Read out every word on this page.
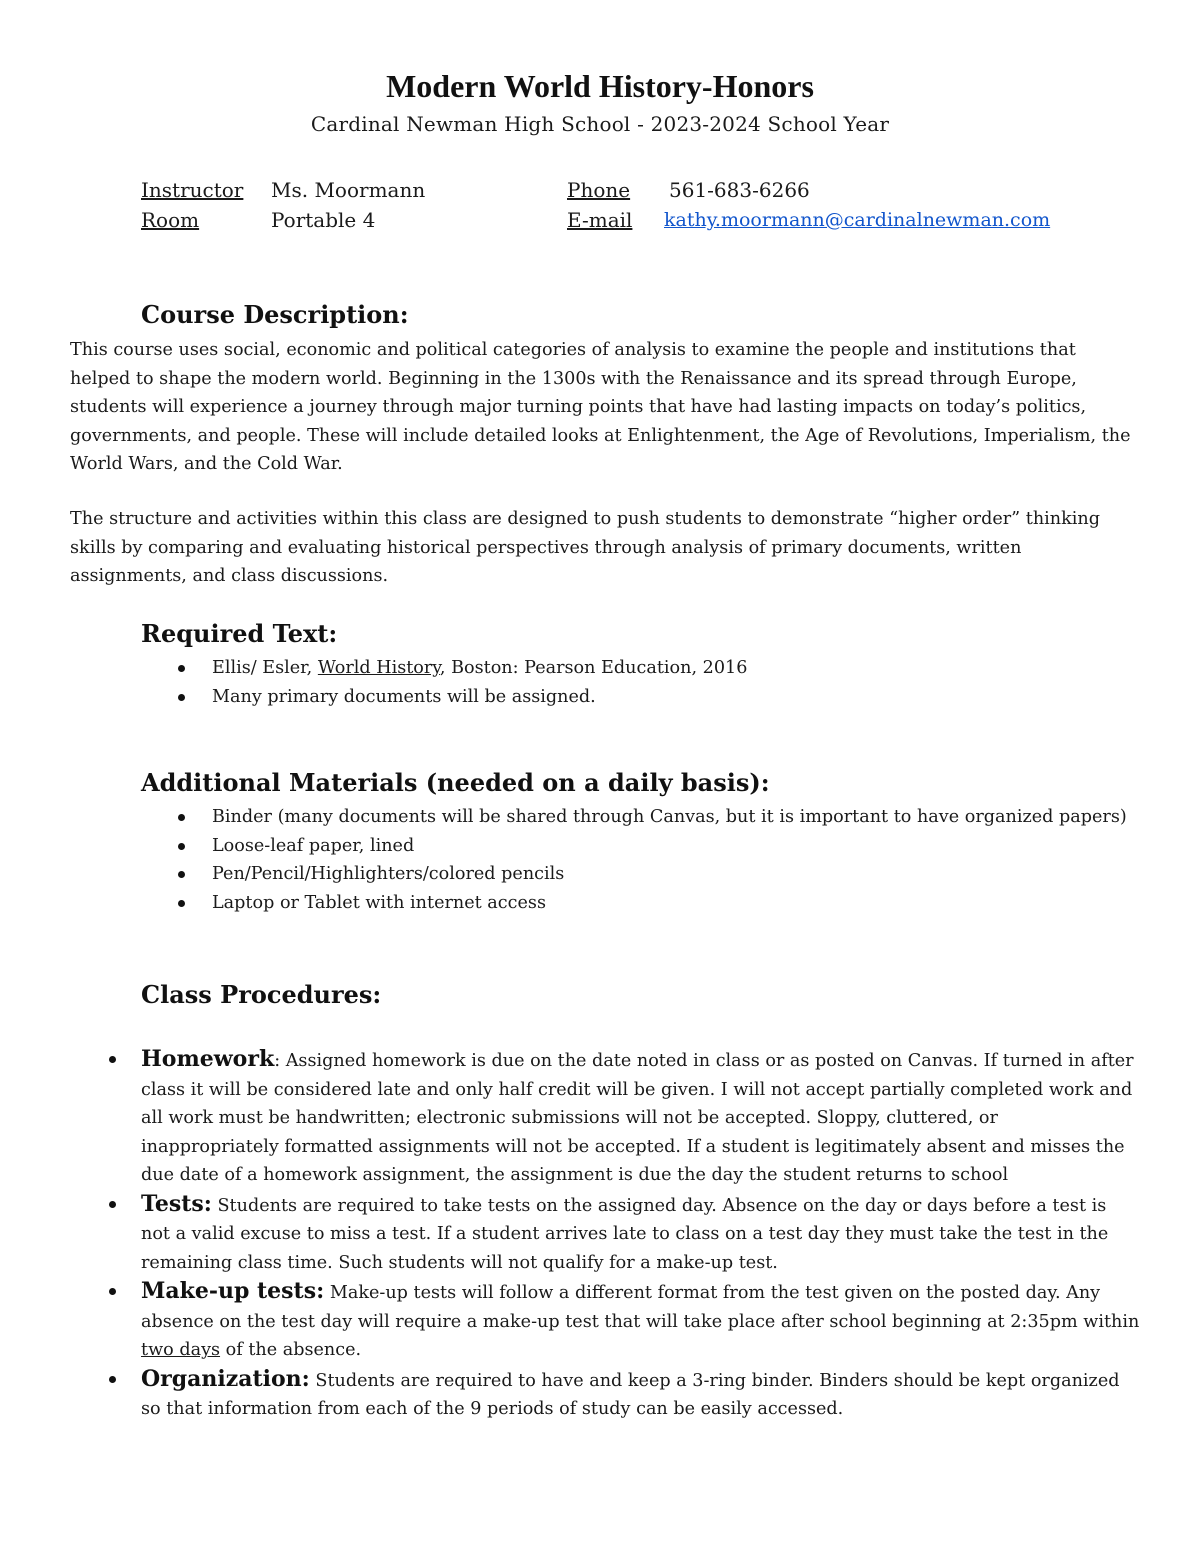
Modern World History-Honors
Cardinal Newman High School - 2023-2024 School Year
Instructor Ms. Moormann	Phone 561-683-6266
Room	Portable 4	E-mail kathy.moormann@cardinalnewman.com
Course Description:

This course uses social, economic and political categories of analysis to examine the people and institutions that helped to shape the modern world. Beginning in the 1300s with the Renaissance and its spread through Europe, students will experience a journey through major turning points that have had lasting impacts on today’s politics, governments, and people. These will include detailed looks at Enlightenment, the Age of Revolutions, Imperialism, the World Wars, and the Cold War.

The structure and activities within this class are designed to push students to demonstrate “higher order” thinking skills by comparing and evaluating historical perspectives through analysis of primary documents, written assignments, and class discussions.

Required Text:
Ellis/ Esler, World History, Boston: Pearson Education, 2016
Many primary documents will be assigned.
Additional Materials (needed on a daily basis):
Binder (many documents will be shared through Canvas, but it is important to have organized papers)
Loose-leaf paper, lined
Pen/Pencil/Highlighters/colored pencils
Laptop or Tablet with internet access
Class Procedures:
Homework: Assigned homework is due on the date noted in class or as posted on Canvas. If turned in after class it will be considered late and only half credit will be given. I will not accept partially completed work and all work must be handwritten; electronic submissions will not be accepted. Sloppy, cluttered, or inappropriately formatted assignments will not be accepted. If a student is legitimately absent and misses the due date of a homework assignment, the assignment is due the day the student returns to school
Tests: Students are required to take tests on the assigned day. Absence on the day or days before a test is not a valid excuse to miss a test. If a student arrives late to class on a test day they must take the test in the remaining class time. Such students will not qualify for a make-up test.
Make-up tests: Make-up tests will follow a different format from the test given on the posted day. Any absence on the test day will require a make-up test that will take place after school beginning at 2:35pm within two days of the absence.
Organization: Students are required to have and keep a 3-ring binder. Binders should be kept organized so that information from each of the 9 periods of study can be easily accessed.
